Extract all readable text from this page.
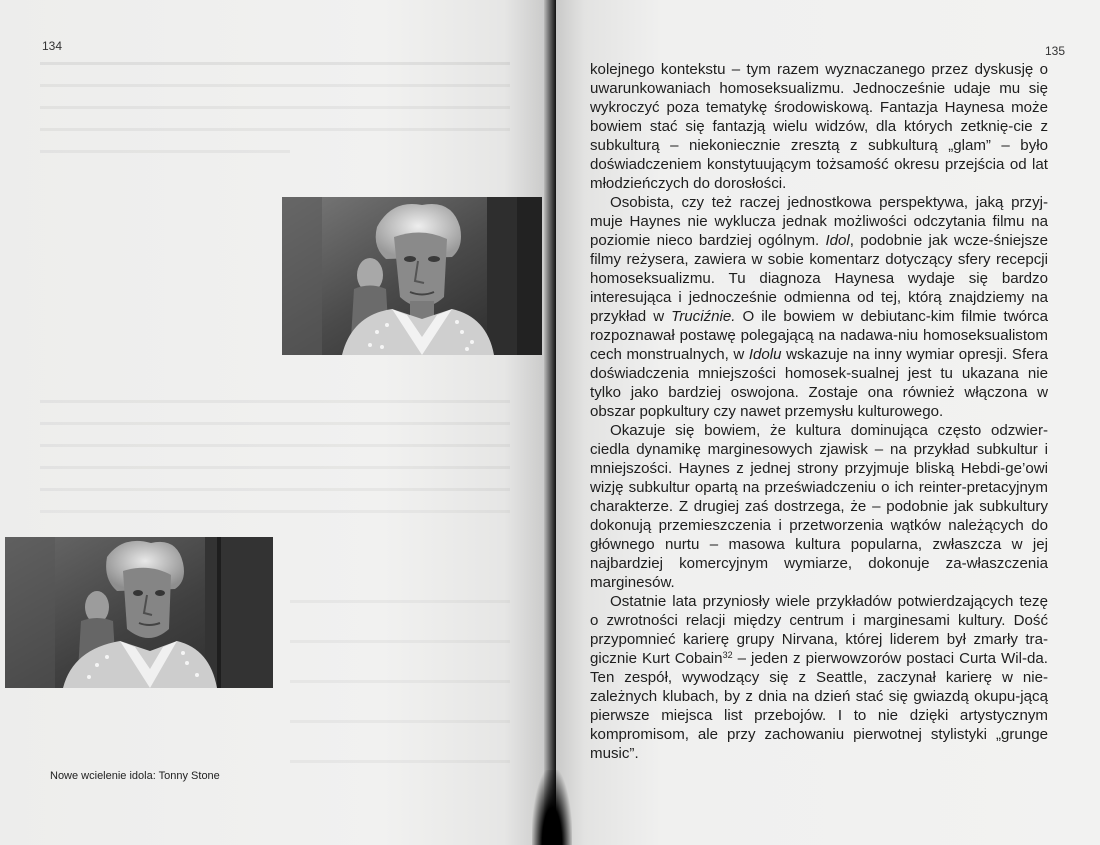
134

Nowe wcielenie idola: Tonny Stone

135

kolejnego kontekstu – tym razem wyznaczanego przez dyskusję o uwarunkowaniach homoseksualizmu. Jednocześnie udaje mu się wykroczyć poza tematykę środowiskową. Fantazja Haynesa może bowiem stać się fantazją wielu widzów, dla których zetknię-cie z subkulturą – niekoniecznie zresztą z subkulturą „glam” – było doświadczeniem konstytuującym tożsamość okresu przejścia od lat młodzieńczych do dorosłości.

Osobista, czy też raczej jednostkowa perspektywa, jaką przyj-muje Haynes nie wyklucza jednak możliwości odczytania filmu na poziomie nieco bardziej ogólnym. Idol, podobnie jak wcze-śniejsze filmy reżysera, zawiera w sobie komentarz dotyczący sfery recepcji homoseksualizmu. Tu diagnoza Haynesa wydaje się bardzo interesująca i jednocześnie odmienna od tej, którą znajdziemy na przykład w Truciźnie. O ile bowiem w debiutanc-kim filmie twórca rozpoznawał postawę polegającą na nadawa-niu homoseksualistom cech monstrualnych, w Idolu wskazuje na inny wymiar opresji. Sfera doświadczenia mniejszości homosek-sualnej jest tu ukazana nie tylko jako bardziej oswojona. Zostaje ona również włączona w obszar popkultury czy nawet przemysłu kulturowego.

Okazuje się bowiem, że kultura dominująca często odzwier-ciedla dynamikę marginesowych zjawisk – na przykład subkultur i mniejszości. Haynes z jednej strony przyjmuje bliską Hebdi-ge’owi wizję subkultur opartą na przeświadczeniu o ich reinter-pretacyjnym charakterze. Z drugiej zaś dostrzega, że – podobnie jak subkultury dokonują przemieszczenia i przetworzenia wątków należących do głównego nurtu – masowa kultura popularna, zwłaszcza w jej najbardziej komercyjnym wymiarze, dokonuje za-właszczenia marginesów.

Ostatnie lata przyniosły wiele przykładów potwierdzających tezę o zwrotności relacji między centrum i marginesami kultury. Dość przypomnieć karierę grupy Nirvana, której liderem był zmarły tra-gicznie Kurt Cobain$^{32}$ – jeden z pierwowzorów postaci Curta Wil-da. Ten zespół, wywodzący się z Seattle, zaczynał karierę w nie-zależnych klubach, by z dnia na dzień stać się gwiazdą okupu-jącą pierwsze miejsca list przebojów. I to nie dzięki artystycznym kompromisom, ale przy zachowaniu pierwotnej stylistyki „grunge music”.
